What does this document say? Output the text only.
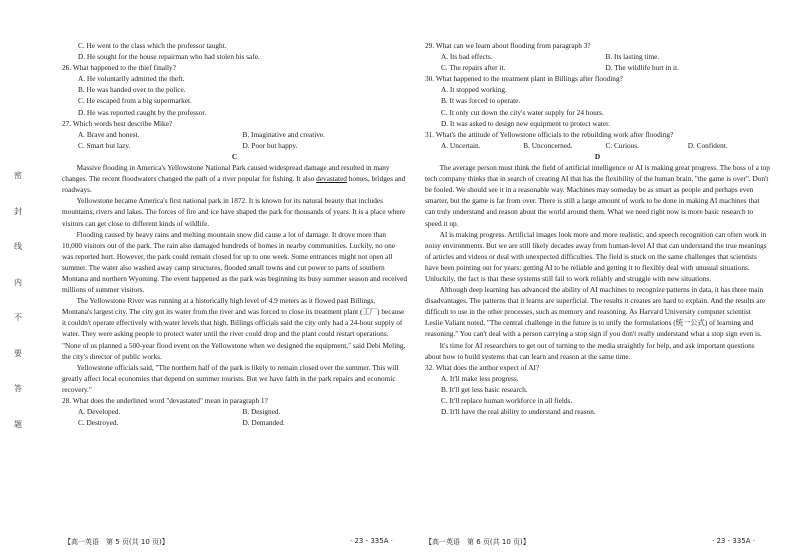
密
封
线
内
不
要
答
题

C. He went to the class which the professor taught.

D. He sought for the house repairman who had stolen his safe.

26. What happened to the thief finally?

A. He voluntarily admitted the theft.

B. He was handed over to the police.

C. He escaped from a big supermarket.

D. He was reported caught by the professor.

27. Which words best describe Mike?

A. Brave and honest.	B. Imaginative and creative.
C. Smart but lazy.	D. Poor but happy.

C

Massive flooding in America's Yellowstone National Park caused widespread damage and resulted in many changes. The recent floodwaters changed the path of a river popular for fishing. It also devastated homes, bridges and roadways.

Yellowstone became America's first national park in 1872. It is known for its natural beauty that includes mountains, rivers and lakes. The forces of fire and ice have shaped the park for thousands of years. It is a place where visitors can get close to different kinds of wildlife.

Flooding caused by heavy rains and melting mountain snow did cause a lot of damage. It drove more than 10,000 visitors out of the park. The rain also damaged hundreds of homes in nearby communities. Luckily, no one was reported hurt. However, the park could remain closed for up to one week. Some entrances might not open all summer. The water also washed away camp structures, flooded small towns and cut power to parts of southern Montana and northern Wyoming. The event happened as the park was beginning its busy summer season and received millions of summer visitors.

The Yellowstone River was running at a historically high level of 4.9 meters as it flowed past Billings, Montana's largest city. The city got its water from the river and was forced to close its treatment plant (工厂) because it couldn't operate effectively with water levels that high. Billings officials said the city only had a 24-hour supply of water. They were asking people to protect water until the river could drop and the plant could restart operations. "None of us planned a 500-year flood event on the Yellowstone when we designed the equipment," said Debi Meling, the city's director of public works.

Yellowstone officials said, "The northern half of the park is likely to remain closed over the summer. This will greatly affect local economies that depend on summer tourists. But we have faith in the park repairs and economic recovery."

28. What does the underlined word "devastated" mean in paragraph 1?

A. Developed.	B. Designed.
C. Destroyed.	D. Demanded.

29. What can we learn about flooding from paragraph 3?

A. Its bad effects.	B. Its lasting time.
C. The repairs after it.	D. The wildlife hurt in it.

30. What happened to the treatment plant in Billings after flooding?

A. It stopped working.

B. It was forced to operate.

C. It only cut down the city's water supply for 24 hours.

D. It was asked to design new equipment to protect water.

31. What's the attitude of Yellowstone officials to the rebuilding work after flooding?

A. Uncertain.	B. Unconcerned.	C. Curious.	D. Confident.

D

The average person must think the field of artificial intelligence or AI is making great progress. The boss of a top tech company thinks that in search of creating AI that has the flexibility of the human brain, "the game is over". Don't be fooled. We should see it in a reasonable way. Machines may someday be as smart as people and perhaps even smarter, but the game is far from over. There is still a large amount of work to be done in making AI machines that can truly understand and reason about the world around them. What we need right now is more basic research to speed it up.

AI is making progress. Artificial images look more and more realistic, and speech recognition can often work in noisy environments. But we are still likely decades away from human-level AI that can understand the true meanings of articles and videos or deal with unexpected difficulties. The field is stuck on the same challenges that scientists have been pointing out for years: getting AI to be reliable and getting it to flexibly deal with unusual situations. Unluckily, the fact is that these systems still fail to work reliably and struggle with new situations.

Although deep learning has advanced the ability of AI machines to recognize patterns in data, it has three main disadvantages. The patterns that it learns are superficial. The results it creates are hard to explain. And the results are difficult to use in the other processes, such as memory and reasoning. As Harvard University computer scientist Leslie Valiant noted, "The central challenge in the future is to unify the formulations (统一公式) of learning and reasoning." You can't deal with a person carrying a stop sign if you don't really understand what a stop sign even is.

It's time for AI researchers to get out of turning to the media straightly for help, and ask important questions about how to build systems that can learn and reason at the same time.

32. What does the author expect of AI?

A. It'll make less progress.

B. It'll get less basic research.

C. It'll replace human workforce in all fields.

D. It'll have the real ability to understand and reason.

【高一英语　第 5 页(共 10 页)】	· 23 - 335A ·	【高一英语　第 6 页(共 10 页)】	· 23 - 335A ·
